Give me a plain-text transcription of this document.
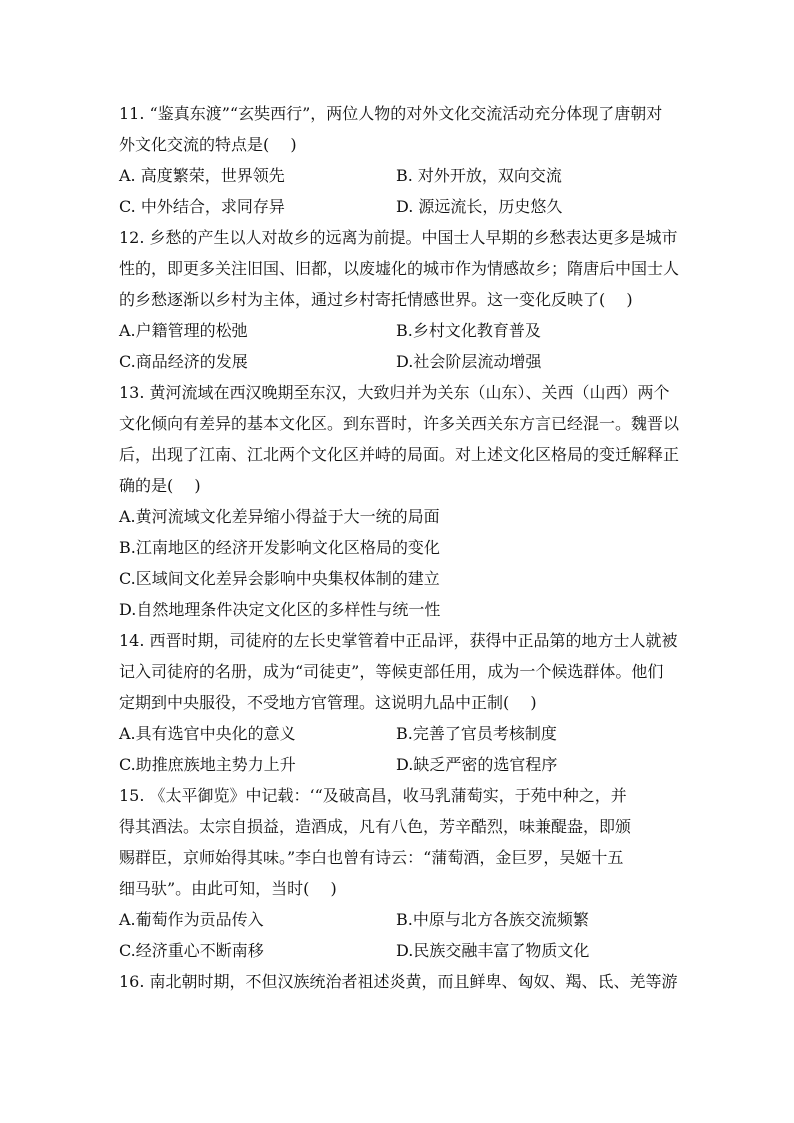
11. “鉴真东渡”“玄奘西行”，两位人物的对外文化交流活动充分体现了唐朝对
外文化交流的特点是(　 )
A. 高度繁荣，世界领先	B. 对外开放，双向交流
C. 中外结合，求同存异	D. 源远流长，历史悠久
12. 乡愁的产生以人对故乡的远离为前提。中国士人早期的乡愁表达更多是城市
性的，即更多关注旧国、旧都，以废墟化的城市作为情感故乡；隋唐后中国士人
的乡愁逐渐以乡村为主体，通过乡村寄托情感世界。这一变化反映了(　 )
A.户籍管理的松弛	B.乡村文化教育普及
C.商品经济的发展	D.社会阶层流动增强
13. 黄河流域在西汉晚期至东汉，大致归并为关东（山东）、关西（山西）两个
文化倾向有差异的基本文化区。到东晋时，许多关西关东方言已经混一。魏晋以
后，出现了江南、江北两个文化区并峙的局面。对上述文化区格局的变迁解释正
确的是(　 )
A.黄河流域文化差异缩小得益于大一统的局面
B.江南地区的经济开发影响文化区格局的变化
C.区域间文化差异会影响中央集权体制的建立
D.自然地理条件决定文化区的多样性与统一性
14. 西晋时期，司徒府的左长史掌管着中正品评，获得中正品第的地方士人就被
记入司徒府的名册，成为“司徒吏”，等候吏部任用，成为一个候选群体。他们
定期到中央服役，不受地方官管理。这说明九品中正制(　 )
A.具有选官中央化的意义	B.完善了官员考核制度
C.助推庶族地主势力上升	D.缺乏严密的选官程序
15. 《太平御览》中记载：‘“及破高昌，收马乳蒲萄实，于苑中种之，并
得其酒法。太宗自损益，造酒成，凡有八色，芳辛酷烈，味兼醍盎，即颁
赐群臣，京师始得其味。”李白也曾有诗云：“蒲萄酒，金巨罗，吴姬十五
细马驮”。由此可知，当时(　 )
A.葡萄作为贡品传入	B.中原与北方各族交流频繁
C.经济重心不断南移	D.民族交融丰富了物质文化
16. 南北朝时期，不但汉族统治者祖述炎黄，而且鲜卑、匈奴、羯、氐、羌等游
